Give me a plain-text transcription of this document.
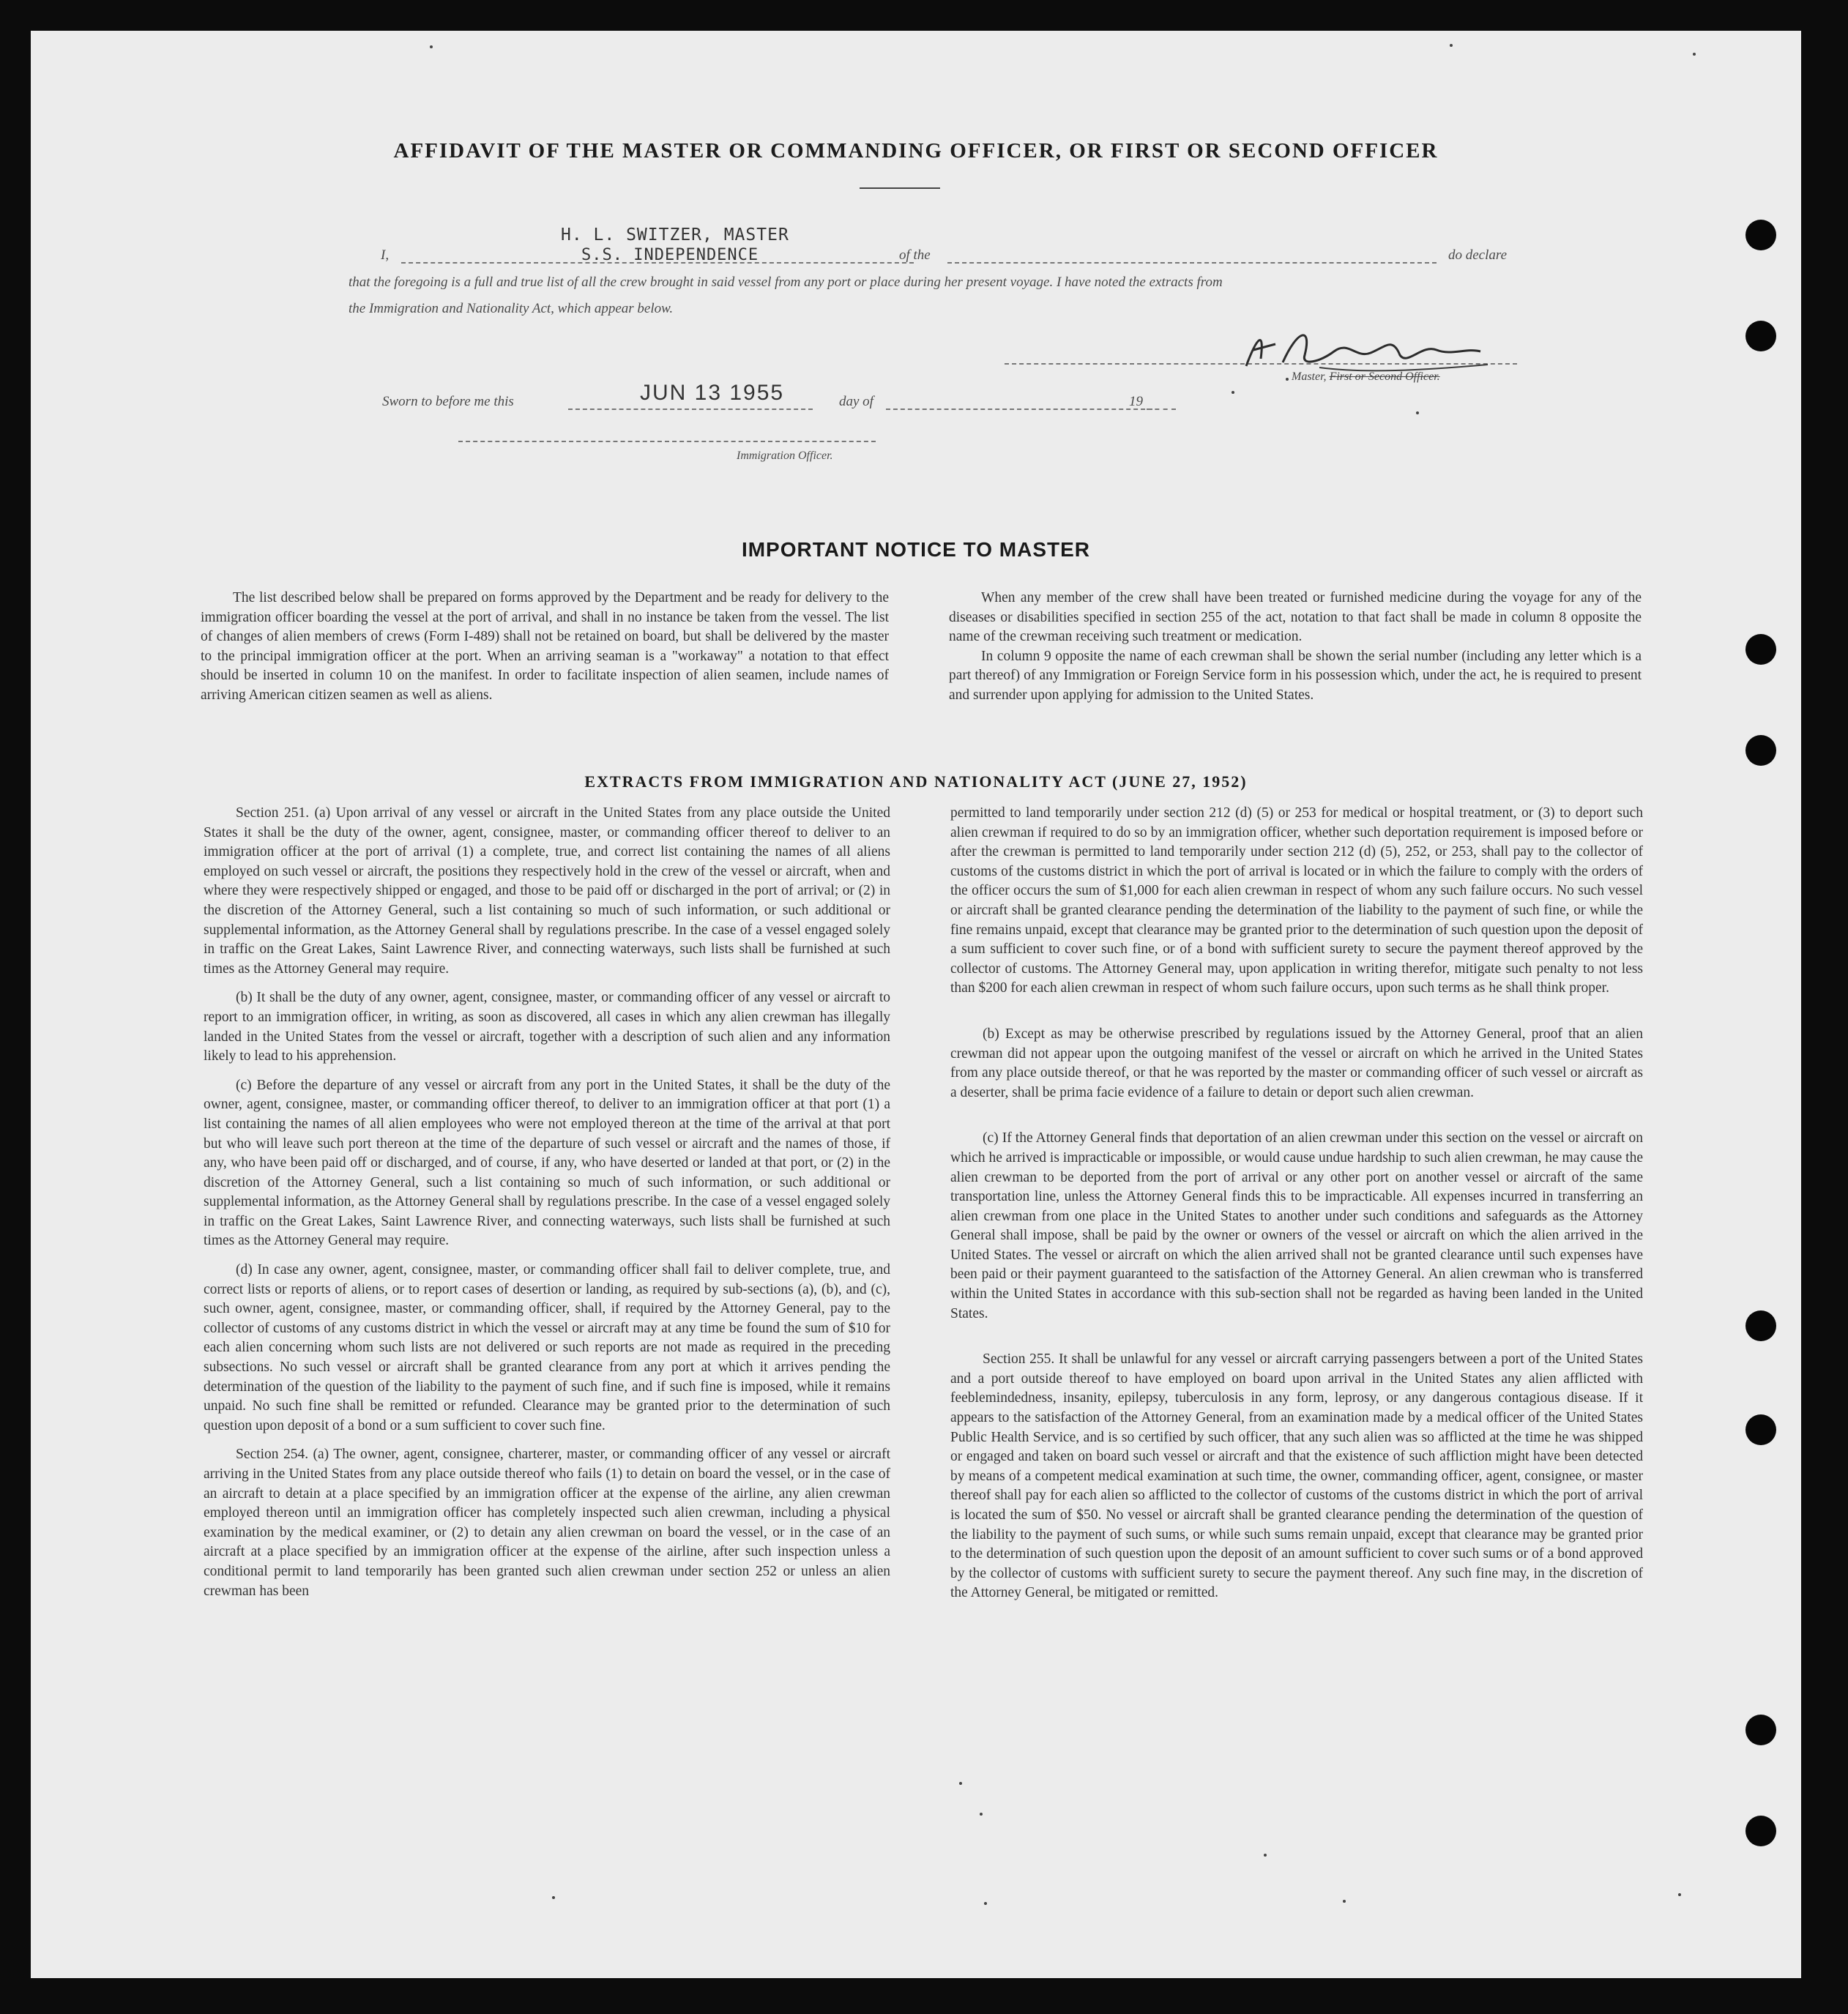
AFFIDAVIT OF THE MASTER OR COMMANDING OFFICER, OR FIRST OR SECOND OFFICER
I,
H. L. SWITZER, MASTER
S.S. INDEPENDENCE	of the	do declare
that the foregoing is a full and true list of all the crew brought in said vessel from any port or place during her present voyage. I have noted the extracts from
the Immigration and Nationality Act, which appear below.
Master, First or Second Officer.
Sworn to before me this	JUN 13 1955	day of	19
Immigration Officer.
IMPORTANT NOTICE TO MASTER

The list described below shall be prepared on forms approved by the Department and be ready for delivery to the immigration officer boarding the vessel at the port of arrival, and shall in no instance be taken from the vessel. The list of changes of alien members of crews (Form I-489) shall not be retained on board, but shall be delivered by the master to the principal immigration officer at the port. When an arriving seaman is a "workaway" a notation to that effect should be inserted in column 10 on the manifest. In order to facilitate inspection of alien seamen, include names of arriving American citizen seamen as well as aliens.

When any member of the crew shall have been treated or furnished medicine during the voyage for any of the diseases or disabilities specified in section 255 of the act, notation to that fact shall be made in column 8 opposite the name of the crewman receiving such treatment or medication.

In column 9 opposite the name of each crewman shall be shown the serial number (including any letter which is a part thereof) of any Immigration or Foreign Service form in his possession which, under the act, he is required to present and surrender upon applying for admission to the United States.

EXTRACTS FROM IMMIGRATION AND NATIONALITY ACT (JUNE 27, 1952)

Section 251. (a) Upon arrival of any vessel or aircraft in the United States from any place outside the United States it shall be the duty of the owner, agent, consignee, master, or commanding officer thereof to deliver to an immigration officer at the port of arrival (1) a complete, true, and correct list containing the names of all aliens employed on such vessel or aircraft, the positions they respectively hold in the crew of the vessel or aircraft, when and where they were respectively shipped or engaged, and those to be paid off or discharged in the port of arrival; or (2) in the discretion of the Attorney General, such a list containing so much of such information, or such additional or supplemental information, as the Attorney General shall by regulations prescribe. In the case of a vessel engaged solely in traffic on the Great Lakes, Saint Lawrence River, and connecting waterways, such lists shall be furnished at such times as the Attorney General may require.

(b) It shall be the duty of any owner, agent, consignee, master, or commanding officer of any vessel or aircraft to report to an immigration officer, in writing, as soon as discovered, all cases in which any alien crewman has illegally landed in the United States from the vessel or aircraft, together with a description of such alien and any information likely to lead to his apprehension.

(c) Before the departure of any vessel or aircraft from any port in the United States, it shall be the duty of the owner, agent, consignee, master, or commanding officer thereof, to deliver to an immigration officer at that port (1) a list containing the names of all alien employees who were not employed thereon at the time of the arrival at that port but who will leave such port thereon at the time of the departure of such vessel or aircraft and the names of those, if any, who have been paid off or discharged, and of course, if any, who have deserted or landed at that port, or (2) in the discretion of the Attorney General, such a list containing so much of such information, or such additional or supplemental information, as the Attorney General shall by regulations prescribe. In the case of a vessel engaged solely in traffic on the Great Lakes, Saint Lawrence River, and connecting waterways, such lists shall be furnished at such times as the Attorney General may require.

(d) In case any owner, agent, consignee, master, or commanding officer shall fail to deliver complete, true, and correct lists or reports of aliens, or to report cases of desertion or landing, as required by sub-sections (a), (b), and (c), such owner, agent, consignee, master, or commanding officer, shall, if required by the Attorney General, pay to the collector of customs of any customs district in which the vessel or aircraft may at any time be found the sum of $10 for each alien concerning whom such lists are not delivered or such reports are not made as required in the preceding subsections. No such vessel or aircraft shall be granted clearance from any port at which it arrives pending the determination of the question of the liability to the payment of such fine, and if such fine is imposed, while it remains unpaid. No such fine shall be remitted or refunded. Clearance may be granted prior to the determination of such question upon deposit of a bond or a sum sufficient to cover such fine.

Section 254. (a) The owner, agent, consignee, charterer, master, or commanding officer of any vessel or aircraft arriving in the United States from any place outside thereof who fails (1) to detain on board the vessel, or in the case of an aircraft to detain at a place specified by an immigration officer at the expense of the airline, any alien crewman employed thereon until an immigration officer has completely inspected such alien crewman, including a physical examination by the medical examiner, or (2) to detain any alien crewman on board the vessel, or in the case of an aircraft at a place specified by an immigration officer at the expense of the airline, after such inspection unless a conditional permit to land temporarily has been granted such alien crewman under section 252 or unless an alien crewman has been

permitted to land temporarily under section 212 (d) (5) or 253 for medical or hospital treatment, or (3) to deport such alien crewman if required to do so by an immigration officer, whether such deportation requirement is imposed before or after the crewman is permitted to land temporarily under section 212 (d) (5), 252, or 253, shall pay to the collector of customs of the customs district in which the port of arrival is located or in which the failure to comply with the orders of the officer occurs the sum of $1,000 for each alien crewman in respect of whom any such failure occurs. No such vessel or aircraft shall be granted clearance pending the determination of the liability to the payment of such fine, or while the fine remains unpaid, except that clearance may be granted prior to the determination of such question upon the deposit of a sum sufficient to cover such fine, or of a bond with sufficient surety to secure the payment thereof approved by the collector of customs. The Attorney General may, upon application in writing therefor, mitigate such penalty to not less than $200 for each alien crewman in respect of whom such failure occurs, upon such terms as he shall think proper.

(b) Except as may be otherwise prescribed by regulations issued by the Attorney General, proof that an alien crewman did not appear upon the outgoing manifest of the vessel or aircraft on which he arrived in the United States from any place outside thereof, or that he was reported by the master or commanding officer of such vessel or aircraft as a deserter, shall be prima facie evidence of a failure to detain or deport such alien crewman.

(c) If the Attorney General finds that deportation of an alien crewman under this section on the vessel or aircraft on which he arrived is impracticable or impossible, or would cause undue hardship to such alien crewman, he may cause the alien crewman to be deported from the port of arrival or any other port on another vessel or aircraft of the same transportation line, unless the Attorney General finds this to be impracticable. All expenses incurred in transferring an alien crewman from one place in the United States to another under such conditions and safeguards as the Attorney General shall impose, shall be paid by the owner or owners of the vessel or aircraft on which the alien arrived in the United States. The vessel or aircraft on which the alien arrived shall not be granted clearance until such expenses have been paid or their payment guaranteed to the satisfaction of the Attorney General. An alien crewman who is transferred within the United States in accordance with this sub-section shall not be regarded as having been landed in the United States.

Section 255. It shall be unlawful for any vessel or aircraft carrying passengers between a port of the United States and a port outside thereof to have employed on board upon arrival in the United States any alien afflicted with feeblemindedness, insanity, epilepsy, tuberculosis in any form, leprosy, or any dangerous contagious disease. If it appears to the satisfaction of the Attorney General, from an examination made by a medical officer of the United States Public Health Service, and is so certified by such officer, that any such alien was so afflicted at the time he was shipped or engaged and taken on board such vessel or aircraft and that the existence of such affliction might have been detected by means of a competent medical examination at such time, the owner, commanding officer, agent, consignee, or master thereof shall pay for each alien so afflicted to the collector of customs of the customs district in which the port of arrival is located the sum of $50. No vessel or aircraft shall be granted clearance pending the determination of the question of the liability to the payment of such sums, or while such sums remain unpaid, except that clearance may be granted prior to the determination of such question upon the deposit of an amount sufficient to cover such sums or of a bond approved by the collector of customs with sufficient surety to secure the payment thereof. Any such fine may, in the discretion of the Attorney General, be mitigated or remitted.
